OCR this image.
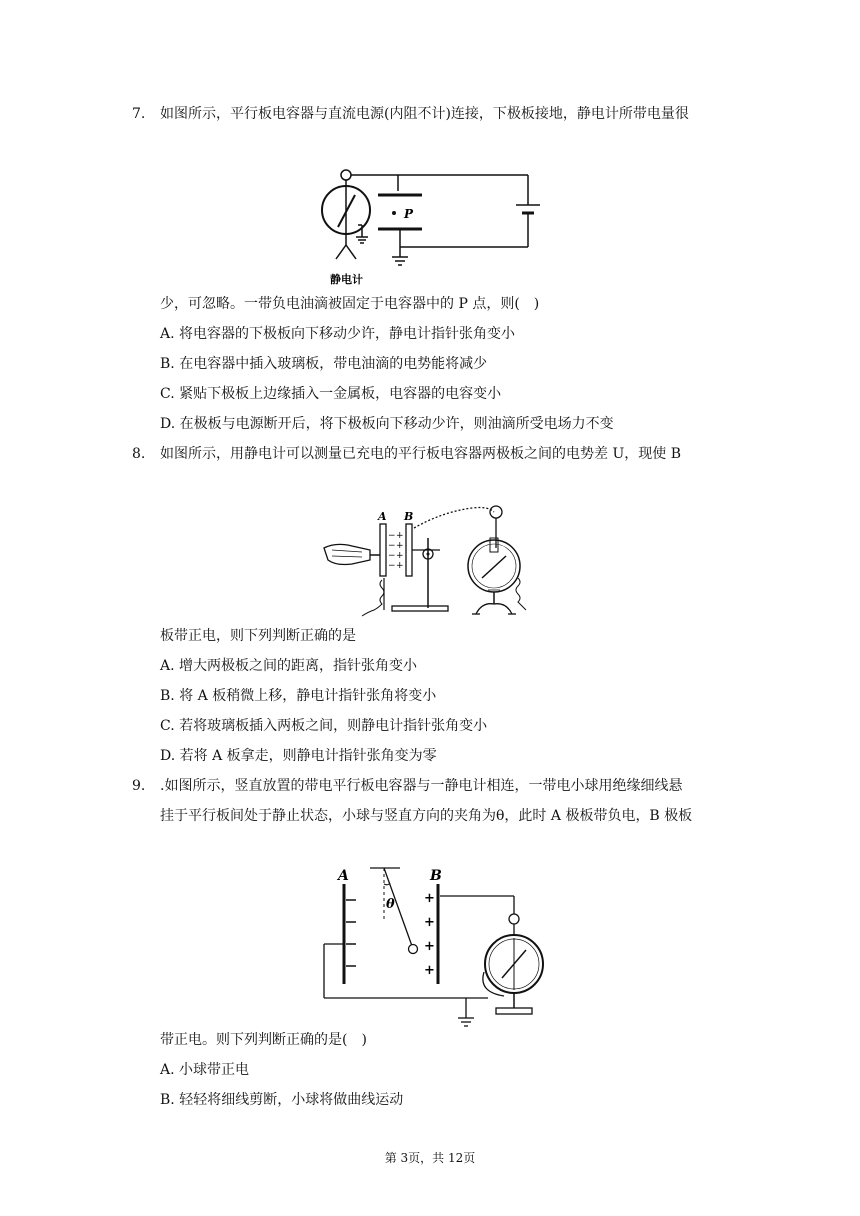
7. 如图所示，平行板电容器与直流电源(内阻不计)连接，下极板接地，静电计所带电量很
P
静电计
少，可忽略。一带负电油滴被固定于电容器中的 P 点，则(　)
A. 将电容器的下极板向下移动少许，静电计指针张角变小
B. 在电容器中插入玻璃板，带电油滴的电势能将减少
C. 紧贴下极板上边缘插入一金属板，电容器的电容变小
D. 在极板与电源断开后，将下极板向下移动少许，则油滴所受电场力不变
8. 如图所示，用静电计可以测量已充电的平行板电容器两极板之间的电势差 U，现使 B
A
−
−
−
−
+
+
+
+
B
板带正电，则下列判断正确的是
A. 增大两极板之间的距离，指针张角变小
B. 将 A 板稍微上移，静电计指针张角将变小
C. 若将玻璃板插入两板之间，则静电计指针张角变小
D. 若将 A 板拿走，则静电计指针张角变为零
9. .如图所示，竖直放置的带电平行板电容器与一静电计相连，一带电小球用绝缘细线悬
挂于平行板间处于静止状态，小球与竖直方向的夹角为θ，此时 A 极板带负电，B 极板
A
θ
B
+
+
+
+
带正电。则下列判断正确的是(　)
A. 小球带正电
B. 轻轻将细线剪断，小球将做曲线运动
第 3页，共 12页
